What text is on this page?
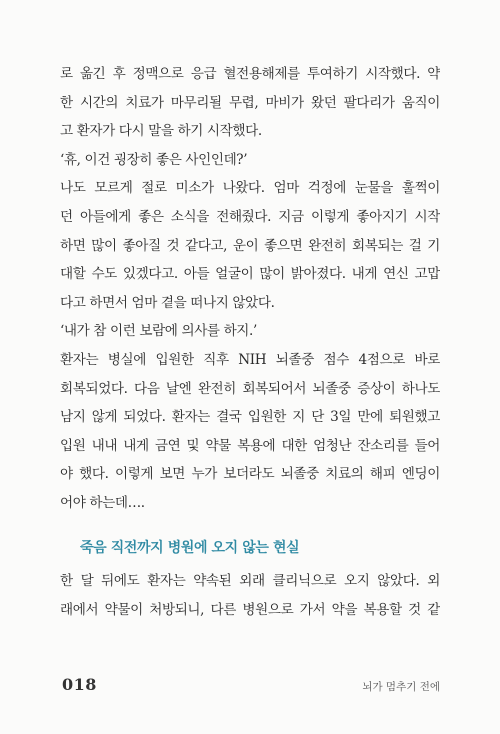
로 옮긴 후 정맥으로 응급 혈전용해제를 투여하기 시작했다. 약
한 시간의 치료가 마무리될 무렵, 마비가 왔던 팔다리가 움직이
고 환자가 다시 말을 하기 시작했다.
‘휴, 이건 굉장히 좋은 사인인데?’
나도 모르게 절로 미소가 나왔다. 엄마 걱정에 눈물을 훌쩍이
던 아들에게 좋은 소식을 전해줬다. 지금 이렇게 좋아지기 시작
하면 많이 좋아질 것 같다고, 운이 좋으면 완전히 회복되는 걸 기
대할 수도 있겠다고. 아들 얼굴이 많이 밝아졌다. 내게 연신 고맙
다고 하면서 엄마 곁을 떠나지 않았다.
‘내가 참 이런 보람에 의사를 하지.’
환자는 병실에 입원한 직후 NIH 뇌졸중 점수 4점으로 바로
회복되었다. 다음 날엔 완전히 회복되어서 뇌졸중 증상이 하나도
남지 않게 되었다. 환자는 결국 입원한 지 단 3일 만에 퇴원했고
입원 내내 내게 금연 및 약물 복용에 대한 엄청난 잔소리를 들어
야 했다. 이렇게 보면 누가 보더라도 뇌졸중 치료의 해피 엔딩이
어야 하는데….
죽음 직전까지 병원에 오지 않는 현실
한 달 뒤에도 환자는 약속된 외래 클리닉으로 오지 않았다. 외
래에서 약물이 처방되니, 다른 병원으로 가서 약을 복용할 것 같
018	뇌가 멈추기 전에
